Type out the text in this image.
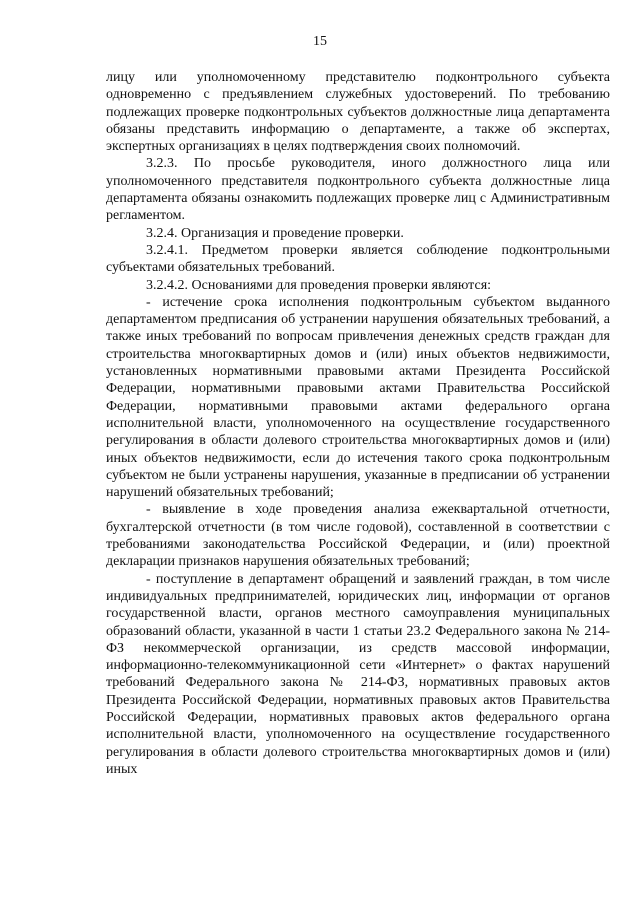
15

лицу или уполномоченному представителю подконтрольного субъекта одновременно с предъявлением служебных удостоверений. По требованию подлежащих проверке подконтрольных субъектов должностные лица департамента обязаны представить информацию о департаменте, а также об экспертах, экспертных организациях в целях подтверждения своих полномочий.

3.2.3. По просьбе руководителя, иного должностного лица или уполномоченного представителя подконтрольного субъекта должностные лица департамента обязаны ознакомить подлежащих проверке лиц с Административным регламентом.

3.2.4. Организация и проведение проверки.

3.2.4.1. Предметом проверки является соблюдение подконтрольными субъектами обязательных требований.

3.2.4.2. Основаниями для проведения проверки являются:

- истечение срока исполнения подконтрольным субъектом выданного департаментом предписания об устранении нарушения обязательных требований, а также иных требований по вопросам привлечения денежных средств граждан для строительства многоквартирных домов и (или) иных объектов недвижимости, установленных нормативными правовыми актами Президента Российской Федерации, нормативными правовыми актами Правительства Российской Федерации, нормативными правовыми актами федерального органа исполнительной власти, уполномоченного на осуществление государственного регулирования в области долевого строительства многоквартирных домов и (или) иных объектов недвижимости, если до истечения такого срока подконтрольным субъектом не были устранены нарушения, указанные в предписании об устранении нарушений обязательных требований;

- выявление в ходе проведения анализа ежеквартальной отчетности, бухгалтерской отчетности (в том числе годовой), составленной в соответствии с требованиями законодательства Российской Федерации, и (или) проектной декларации признаков нарушения обязательных требований;

- поступление в департамент обращений и заявлений граждан, в том числе индивидуальных предпринимателей, юридических лиц, информации от органов государственной власти, органов местного самоуправления муниципальных образований области, указанной в части 1 статьи 23.2 Федерального закона № 214-ФЗ некоммерческой организации, из средств массовой информации, информационно-телекоммуникационной сети «Интернет» о фактах нарушений требований Федерального закона № 214-ФЗ, нормативных правовых актов Президента Российской Федерации, нормативных правовых актов Правительства Российской Федерации, нормативных правовых актов федерального органа исполнительной власти, уполномоченного на осуществление государственного регулирования в области долевого строительства многоквартирных домов и (или) иных
